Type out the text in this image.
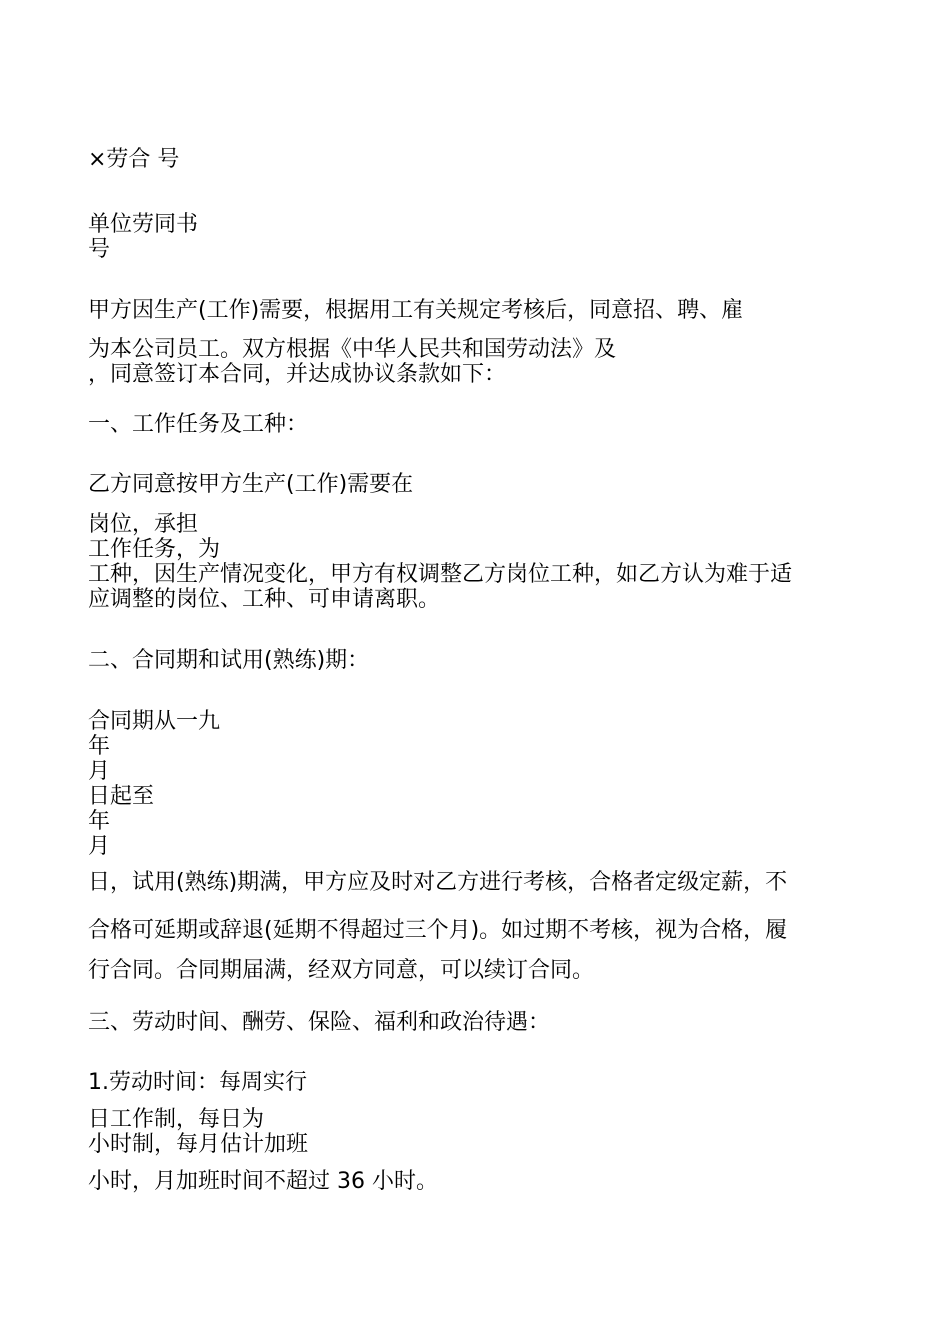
×劳合 号

单位劳同书

号

甲方因生产(工作)需要，根据用工有关规定考核后，同意招、聘、雇

为本公司员工。双方根据《中华人民共和国劳动法》及

，同意签订本合同，并达成协议条款如下：

一、工作任务及工种：

乙方同意按甲方生产(工作)需要在

岗位，承担

工作任务，为

工种，因生产情况变化，甲方有权调整乙方岗位工种，如乙方认为难于适

应调整的岗位、工种、可申请离职。

二、合同期和试用(熟练)期：

合同期从一九

年

月

日起至

年

月

日，试用(熟练)期满，甲方应及时对乙方进行考核，合格者定级定薪，不

合格可延期或辞退(延期不得超过三个月)。如过期不考核，视为合格，履

行合同。合同期届满，经双方同意，可以续订合同。

三、劳动时间、酬劳、保险、福利和政治待遇：

1.劳动时间：每周实行

日工作制，每日为

小时制，每月估计加班

小时，月加班时间不超过 36 小时。
